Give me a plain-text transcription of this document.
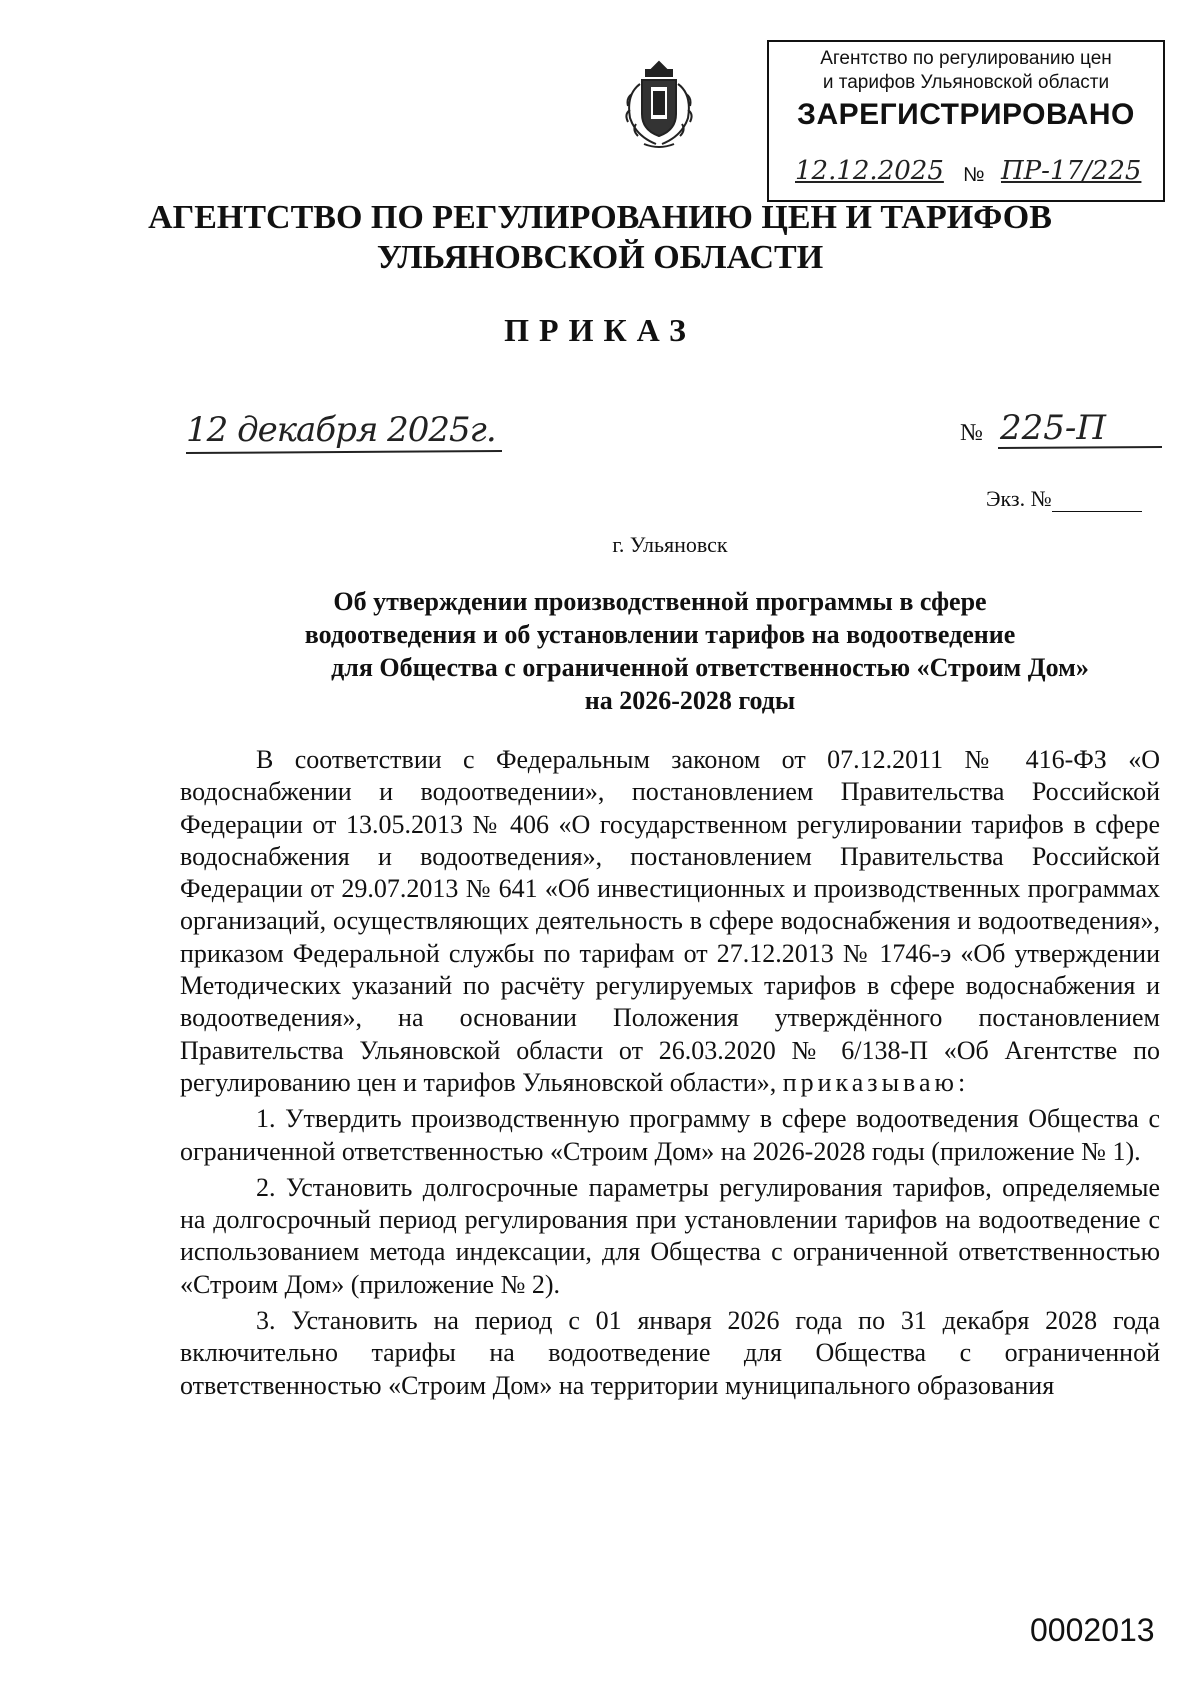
Агентство по регулированию цен
и тарифов Ульяновской области
ЗАРЕГИСТРИРОВАНО
12.12.2025 № ПР-17/225
АГЕНТСТВО ПО РЕГУЛИРОВАНИЮ ЦЕН И ТАРИФОВ
УЛЬЯНОВСКОЙ ОБЛАСТИ
ПРИКАЗ
12 декабря 2025г.	№ 225-П
Экз. №
г. Ульяновск
Об утверждении производственной программы в сфере
водоотведения и об установлении тарифов на водоотведение
для Общества с ограниченной ответственностью «Строим Дом»
на 2026-2028 годы

В соответствии с Федеральным законом от 07.12.2011 № 416-ФЗ «О водоснабжении и водоотведении», постановлением Правительства Российской Федерации от 13.05.2013 № 406 «О государственном регулировании тарифов в сфере водоснабжения и водоотведения», постановлением Правительства Российской Федерации от 29.07.2013 № 641 «Об инвестиционных и производственных программах организаций, осуществляющих деятельность в сфере водоснабжения и водоотведения», приказом Федеральной службы по тарифам от 27.12.2013 № 1746-э «Об утверждении Методических указаний по расчёту регулируемых тарифов в сфере водоснабжения и водоотведения», на основании Положения утверждённого постановлением Правительства Ульяновской области от 26.03.2020 № 6/138-П «Об Агентстве по регулированию цен и тарифов Ульяновской области», приказываю:

1. Утвердить производственную программу в сфере водоотведения Общества с ограниченной ответственностью «Строим Дом» на 2026-2028 годы (приложение № 1).

2. Установить долгосрочные параметры регулирования тарифов, определяемые на долгосрочный период регулирования при установлении тарифов на водоотведение с использованием метода индексации, для Общества с ограниченной ответственностью «Строим Дом» (приложение № 2).

3. Установить на период с 01 января 2026 года по 31 декабря 2028 года включительно тарифы на водоотведение для Общества с ограниченной ответственностью «Строим Дом» на территории муниципального образования

0002013
